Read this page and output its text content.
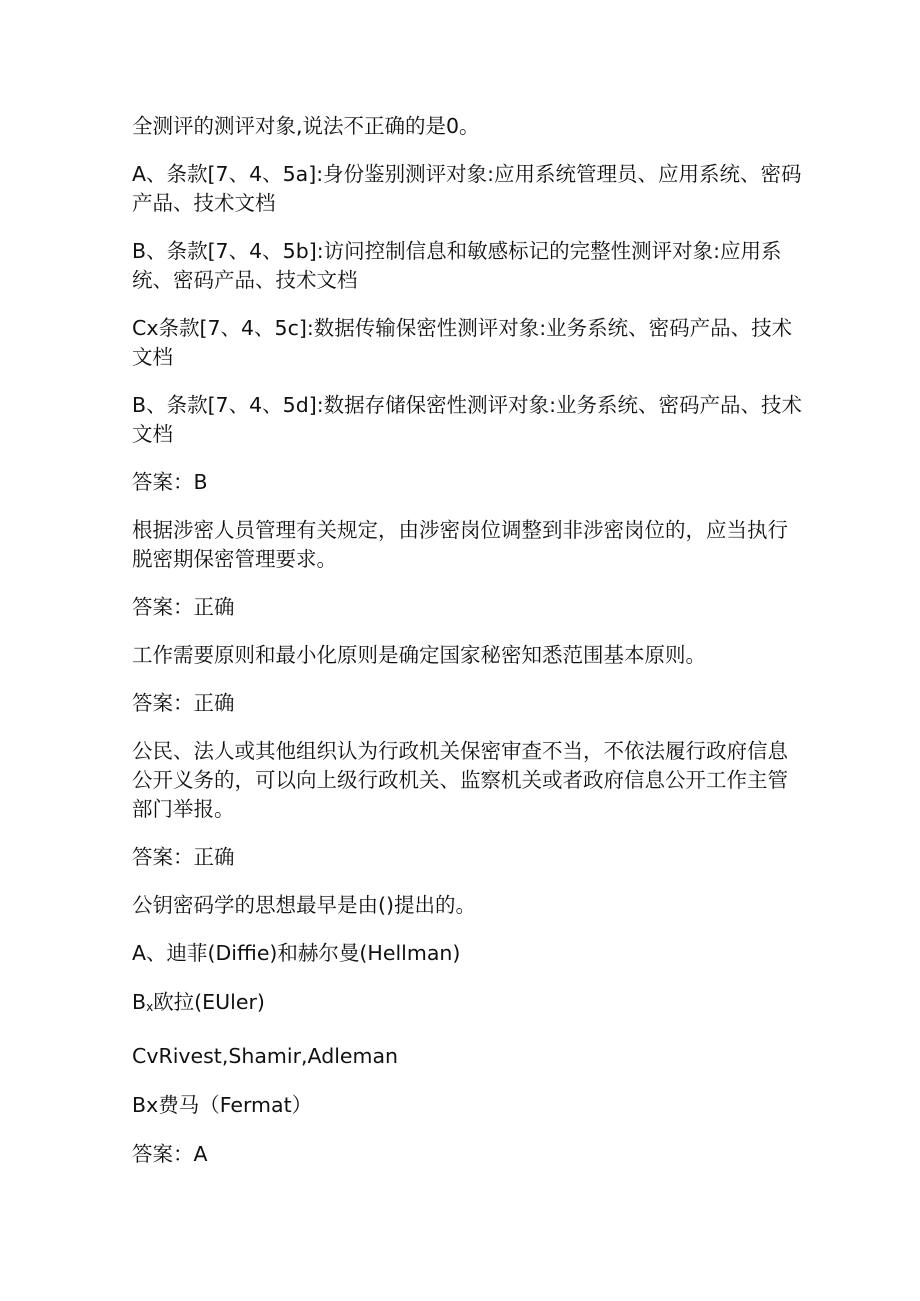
全测评的测评对象,说法不正确的是0。

A、条款[7、4、5a]:身份鉴别测评对象:应用系统管理员、应用系统、密码产品、技术文档

B、条款[7、4、5b]:访问控制信息和敏感标记的完整性测评对象:应用系统、密码产品、技术文档

Cx条款[7、4、5c]:数据传输保密性测评对象:业务系统、密码产品、技术文档

B、条款[7、4、5d]:数据存储保密性测评对象:业务系统、密码产品、技术文档

答案：B

根据涉密人员管理有关规定，由涉密岗位调整到非涉密岗位的，应当执行脱密期保密管理要求。

答案：正确

工作需要原则和最小化原则是确定国家秘密知悉范围基本原则。

答案：正确

公民、法人或其他组织认为行政机关保密审查不当，不依法履行政府信息公开义务的，可以向上级行政机关、监察机关或者政府信息公开工作主管部门举报。

答案：正确

公钥密码学的思想最早是由()提出的。

A、迪菲(Diffie)和赫尔曼(Hellman)

Bx欧拉(EUler)

CvRivest,Shamir,Adleman

Bx费马（Fermat）

答案：A
